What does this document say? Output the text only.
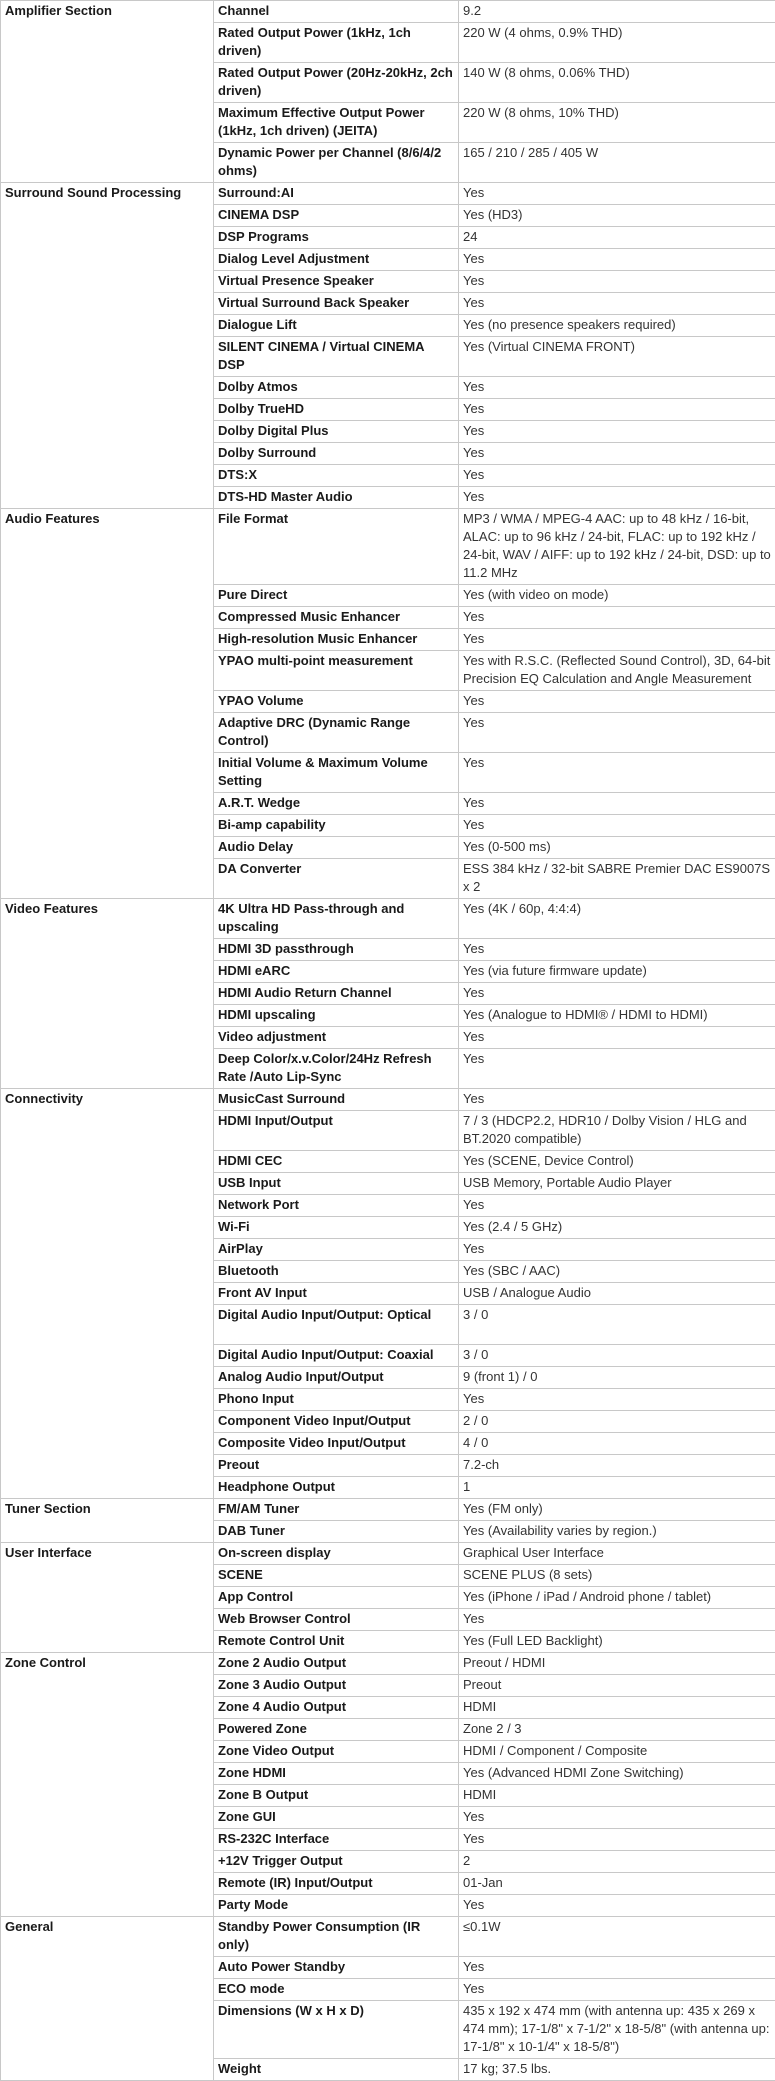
Amplifier Section	Channel	9.2
	Rated Output Power (1kHz, 1ch driven)	220 W (4 ohms, 0.9% THD)
	Rated Output Power (20Hz-20kHz, 2ch driven)	140 W (8 ohms, 0.06% THD)
	Maximum Effective Output Power (1kHz, 1ch driven) (JEITA)	220 W (8 ohms, 10% THD)
	Dynamic Power per Channel (8/6/4/2 ohms)	165 / 210 / 285 / 405 W
Surround Sound Processing	Surround:AI	Yes
	CINEMA DSP	Yes (HD3)
	DSP Programs	24
	Dialog Level Adjustment	Yes
	Virtual Presence Speaker	Yes
	Virtual Surround Back Speaker	Yes
	Dialogue Lift	Yes (no presence speakers required)
	SILENT CINEMA / Virtual CINEMA DSP	Yes (Virtual CINEMA FRONT)
	Dolby Atmos	Yes
	Dolby TrueHD	Yes
	Dolby Digital Plus	Yes
	Dolby Surround	Yes
	DTS:X	Yes
	DTS-HD Master Audio	Yes
Audio Features	File Format	MP3 / WMA / MPEG-4 AAC: up to 48 kHz / 16-bit, ALAC: up to 96 kHz / 24-bit, FLAC: up to 192 kHz / 24-bit, WAV / AIFF: up to 192 kHz / 24-bit, DSD: up to 11.2 MHz
	Pure Direct	Yes (with video on mode)
	Compressed Music Enhancer	Yes
	High-resolution Music Enhancer	Yes
	YPAO multi-point measurement	Yes with R.S.C. (Reflected Sound Control), 3D, 64-bit Precision EQ Calculation and Angle Measurement
	YPAO Volume	Yes
	Adaptive DRC (Dynamic Range Control)	Yes
	Initial Volume & Maximum Volume Setting	Yes
	A.R.T. Wedge	Yes
	Bi-amp capability	Yes
	Audio Delay	Yes (0-500 ms)
	DA Converter	ESS 384 kHz / 32-bit SABRE Premier DAC ES9007S x 2
Video Features	4K Ultra HD Pass-through and upscaling	Yes (4K / 60p, 4:4:4)
	HDMI 3D passthrough	Yes
	HDMI eARC	Yes (via future firmware update)
	HDMI Audio Return Channel	Yes
	HDMI upscaling	Yes (Analogue to HDMI® / HDMI to HDMI)
	Video adjustment	Yes
	Deep Color/x.v.Color/24Hz Refresh Rate /Auto Lip-Sync	Yes
Connectivity	MusicCast Surround	Yes
	HDMI Input/Output	7 / 3 (HDCP2.2, HDR10 / Dolby Vision / HLG and BT.2020 compatible)
	HDMI CEC	Yes (SCENE, Device Control)
	USB Input	USB Memory, Portable Audio Player
	Network Port	Yes
	Wi-Fi	Yes (2.4 / 5 GHz)
	AirPlay	Yes
	Bluetooth	Yes (SBC / AAC)
	Front AV Input	USB / Analogue Audio
	Digital Audio Input/Output: Optical	3 / 0
	Digital Audio Input/Output: Coaxial	3 / 0
	Analog Audio Input/Output	9 (front 1) / 0
	Phono Input	Yes
	Component Video Input/Output	2 / 0
	Composite Video Input/Output	4 / 0
	Preout	7.2-ch
	Headphone Output	1
Tuner Section	FM/AM Tuner	Yes (FM only)
	DAB Tuner	Yes (Availability varies by region.)
User Interface	On-screen display	Graphical User Interface
	SCENE	SCENE PLUS (8 sets)
	App Control	Yes (iPhone / iPad / Android phone / tablet)
	Web Browser Control	Yes
	Remote Control Unit	Yes (Full LED Backlight)
Zone Control	Zone 2 Audio Output	Preout / HDMI
	Zone 3 Audio Output	Preout
	Zone 4 Audio Output	HDMI
	Powered Zone	Zone 2 / 3
	Zone Video Output	HDMI / Component / Composite
	Zone HDMI	Yes (Advanced HDMI Zone Switching)
	Zone B Output	HDMI
	Zone GUI	Yes
	RS-232C Interface	Yes
	+12V Trigger Output	2
	Remote (IR) Input/Output	01-Jan
	Party Mode	Yes
General	Standby Power Consumption (IR only)	≤0.1W
	Auto Power Standby	Yes
	ECO mode	Yes
	Dimensions (W x H x D)	435 x 192 x 474 mm (with antenna up: 435 x 269 x 474 mm); 17-1/8" x 7-1/2" x 18-5/8" (with antenna up: 17-1/8" x 10-1/4" x 18-5/8")
	Weight	17 kg; 37.5 lbs.
